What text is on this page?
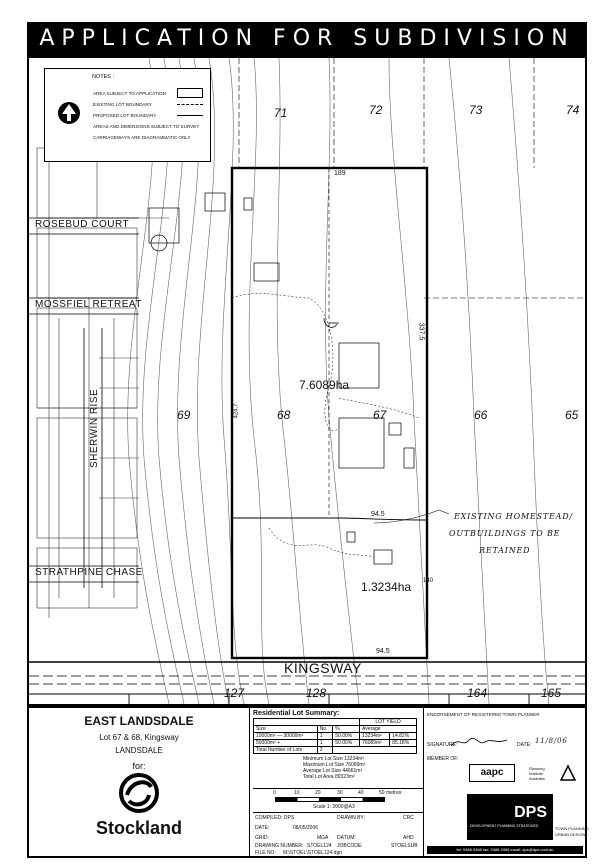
APPLICATION FOR SUBDIVISION
NOTES :
AREA SUBJECT TO APPLICATION
EXISTING LOT BOUNDARY
PROPOSED LOT BOUNDARY
AREAS AND DIMENSIONS SUBJECT TO SURVEY
CARRIAGEWAYS ARE DIAGRAMMATIC ONLY
ROSEBUD COURT
MOSSFIEL RETREAT
STRATHPINE CHASE
SHERWIN RISE
KINGSWAY
71	72	73	74
69	68	67	66	65
127	128	164	165
7.6089ha
1.3234ha
189
337.5
424.7
94.5
94.5
140
EXISTING HOMESTEAD/
OUTBUILDINGS TO BE
RETAINED
EAST LANDSDALE
Lot 67 & 68, Kingsway
LANDSDALE
for:
Stockland
Residential Lot Summary:
			LOT YIELD	
Size	No.	%	Average	
10000m² — 30000m²	1	50.00%	13234m²	14.82%
50000m² +	1	50.00%	76089m²	85.18%
Total Number of Lots	2			
Minimum Lot Size 13234m²
Maximum Lot Size 76089m²
Average Lot Size 44661m²
Total Lot Area 89323m²
0	10	20	30	40	50 metres
Scale 1: 2000@A3
COMPILED: DPS	DRAWN BY:	CRC
DATE:	08/05/2006
GRID:	MGA DATUM:	AHD
DRAWING NUMBER: STOEL124 JOBCODE:	STOELSUB
FILE NO: M:\STOEL\STOEL124.dgn
ENDORSEMENT OF REGISTERED TOWN PLANNER
SIGNATURE:	DATE: 11/8/06
MEMBER OF:
aapc	Planning Institute Australia
DPS
DEVELOPMENT PLANNING STRATEGIES	TOWN PLANNING
URBAN DESIGN
tel: 9388 9388 fax: 9388 9398 email: dps@dps.com.au
